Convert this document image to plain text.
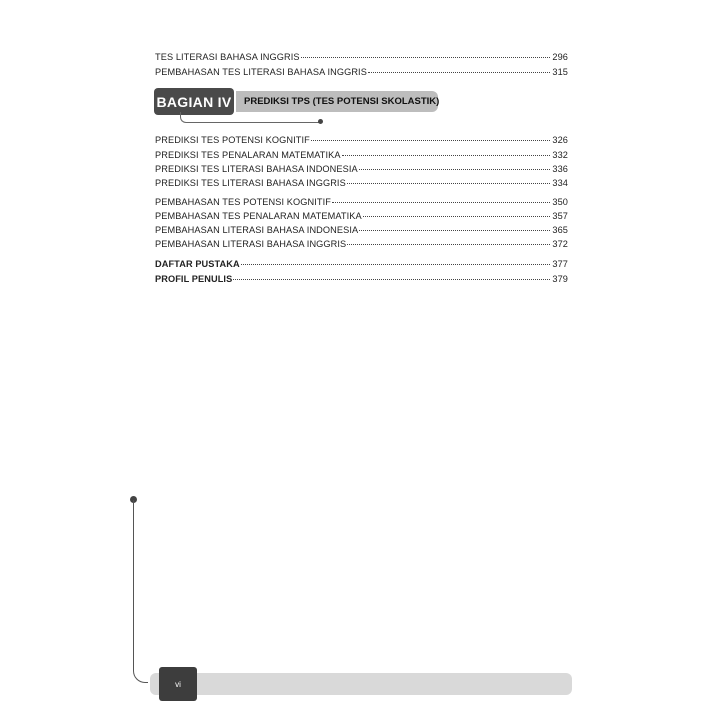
TES LITERASI BAHASA INGGRIS	296
PEMBAHASAN TES LITERASI BAHASA INGGRIS	315
BAGIAN IV	PREDIKSI TPS (TES POTENSI SKOLASTIK)
PREDIKSI TES POTENSI KOGNITIF	326
PREDIKSI TES PENALARAN MATEMATIKA	332
PREDIKSI TES LITERASI BAHASA INDONESIA	336
PREDIKSI TES LITERASI BAHASA INGGRIS	334
PEMBAHASAN TES POTENSI KOGNITIF	350
PEMBAHASAN TES PENALARAN MATEMATIKA	357
PEMBAHASAN LITERASI BAHASA INDONESIA	365
PEMBAHASAN LITERASI BAHASA INGGRIS	372
DAFTAR PUSTAKA	377
PROFIL PENULIS	379
vi
